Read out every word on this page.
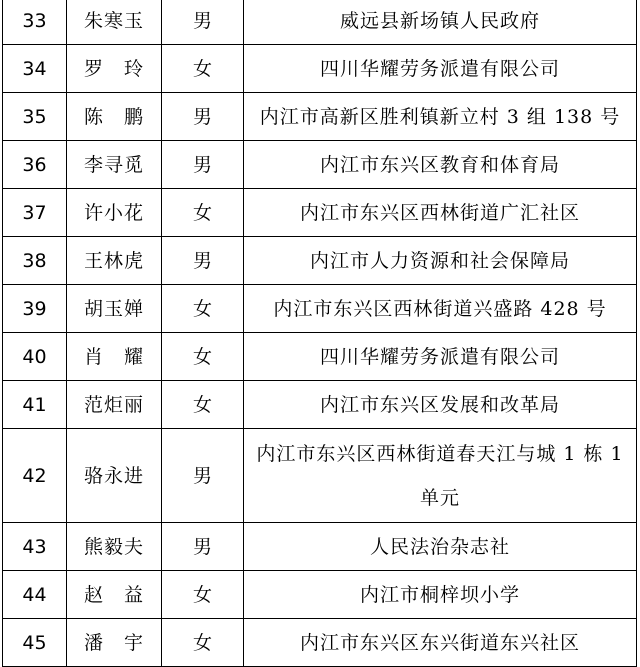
33	朱寒玉	男	威远县新场镇人民政府
34	罗　玲	女	四川华耀劳务派遣有限公司
35	陈　鹏	男	内江市高新区胜利镇新立村 3 组 138 号
36	李寻觅	男	内江市东兴区教育和体育局
37	许小花	女	内江市东兴区西林街道广汇社区
38	王林虎	男	内江市人力资源和社会保障局
39	胡玉婵	女	内江市东兴区西林街道兴盛路 428 号
40	肖　耀	女	四川华耀劳务派遣有限公司
41	范炬丽	女	内江市东兴区发展和改革局
42	骆永进	男	内江市东兴区西林街道春天江与城 1 栋 1 单元
43	熊毅夫	男	人民法治杂志社
44	赵　益	女	内江市桐梓坝小学
45	潘　宇	女	内江市东兴区东兴街道东兴社区
